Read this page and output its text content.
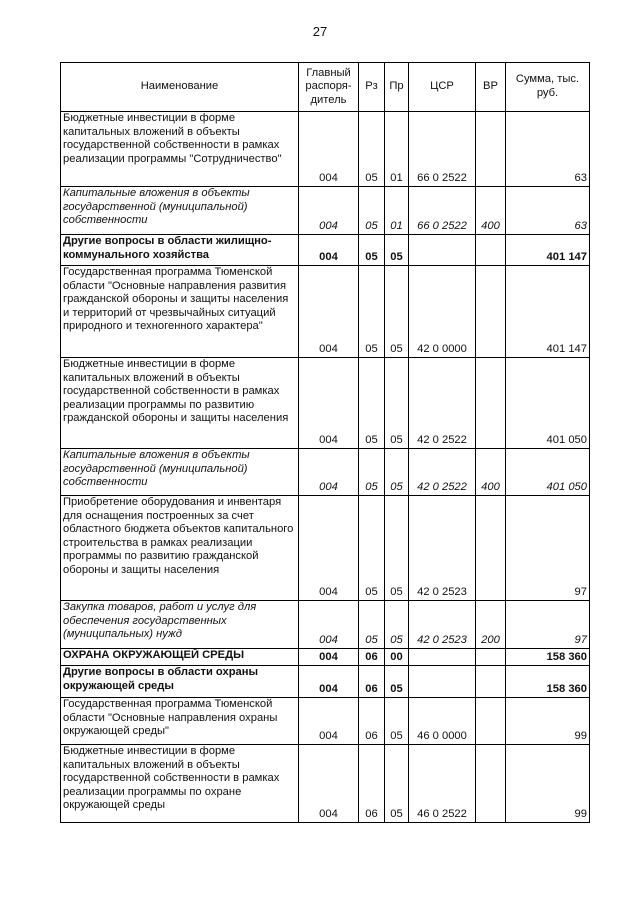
27
Наименование	Главный распоря-дитель	Рз	Пр	ЦСР	ВР	Сумма, тыс. руб.
Бюджетные инвестиции в форме капитальных вложений в объекты государственной собственности в рамках реализации программы "Сотрудничество"	004	05	01	66 0 2522		63
Капитальные вложения в объекты государственной (муниципальной) собственности	004	05	01	66 0 2522	400	63
Другие вопросы в области жилищно-коммунального хозяйства	004	05	05			401 147
Государственная программа Тюменской области "Основные направления развития гражданской обороны и защиты населения и территорий от чрезвычайных ситуаций природного и техногенного характера"	004	05	05	42 0 0000		401 147
Бюджетные инвестиции в форме капитальных вложений в объекты государственной собственности в рамках реализации программы по развитию гражданской обороны и защиты населения	004	05	05	42 0 2522		401 050
Капитальные вложения в объекты государственной (муниципальной) собственности	004	05	05	42 0 2522	400	401 050
Приобретение оборудования и инвентаря для оснащения построенных за счет областного бюджета объектов капитального строительства в рамках реализации программы по развитию гражданской обороны и защиты населения	004	05	05	42 0 2523		97
Закупка товаров, работ и услуг для обеспечения государственных (муниципальных) нужд	004	05	05	42 0 2523	200	97
ОХРАНА ОКРУЖАЮЩЕЙ СРЕДЫ	004	06	00			158 360
Другие вопросы в области охраны окружающей среды	004	06	05			158 360
Государственная программа Тюменской области "Основные направления охраны окружающей среды"	004	06	05	46 0 0000		99
Бюджетные инвестиции в форме капитальных вложений в объекты государственной собственности в рамках реализации программы по охране окружающей среды	004	06	05	46 0 2522		99
